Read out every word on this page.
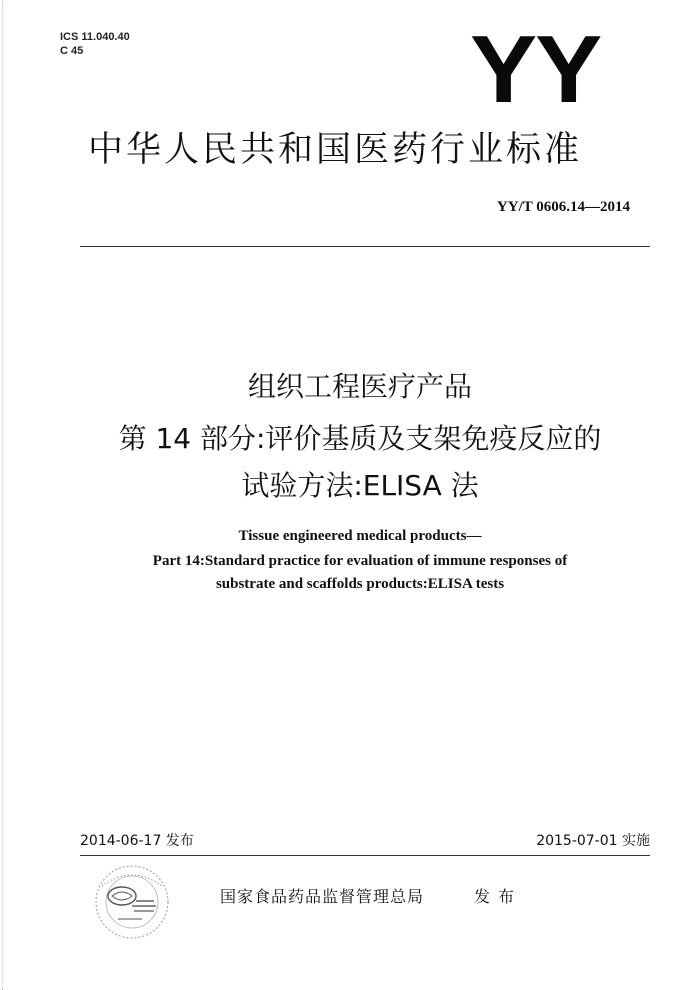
ICS 11.040.40
C 45	YY
中华人民共和国医药行业标准
YY/T 0606.14—2014
组织工程医疗产品
第 14 部分:评价基质及支架免疫反应的
试验方法:ELISA 法
Tissue engineered medical products—
Part 14:Standard practice for evaluation of immune responses of
substrate and scaffolds products:ELISA tests
2014-06-17 发布	2015-07-01 实施
国家食品药品监督管理总局	发布
